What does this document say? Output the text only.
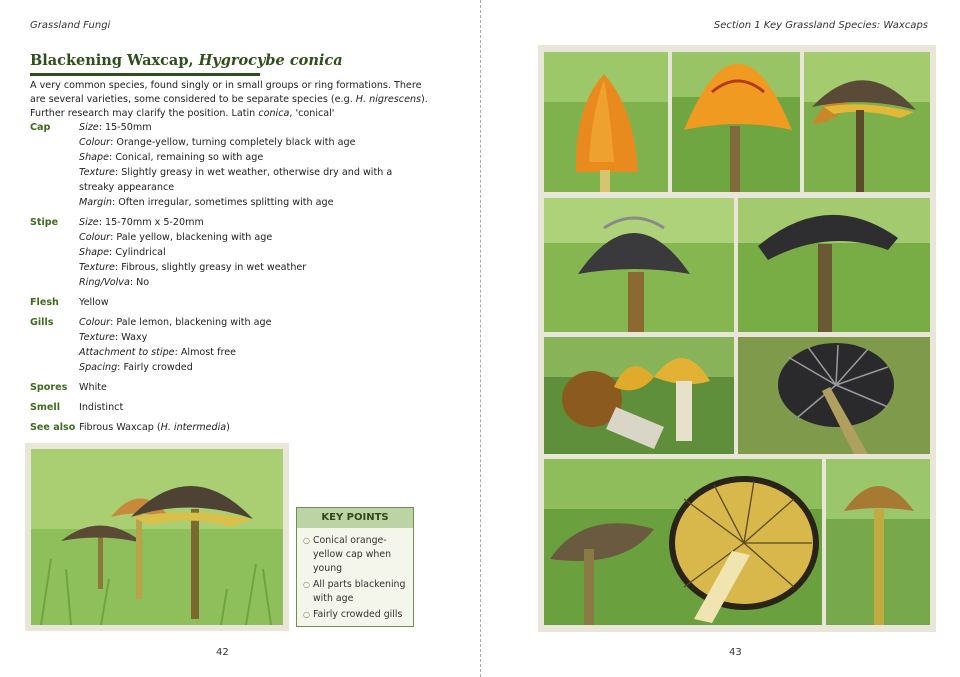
Grassland Fungi
Blackening Waxcap, Hygrocybe conica
A very common species, found singly or in small groups or ring formations. There are several varieties, some considered to be separate species (e.g. H. nigrescens). Further research may clarify the position. Latin conica, 'conical'
Cap	Size: 15-50mm
Colour: Orange-yellow, turning completely black with age
Shape: Conical, remaining so with age
Texture: Slightly greasy in wet weather, otherwise dry and with a streaky appearance
Margin: Often irregular, sometimes splitting with age
Stipe	Size: 15-70mm x 5-20mm
Colour: Pale yellow, blackening with age
Shape: Cylindrical
Texture: Fibrous, slightly greasy in wet weather
Ring/Volva: No
Flesh	Yellow
Gills	Colour: Pale lemon, blackening with age
Texture: Waxy
Attachment to stipe: Almost free
Spacing: Fairly crowded
Spores	White
Smell	Indistinct
See also Fibrous Waxcap (H. intermedia)
KEY POINTS
○ Conical orange-yellow cap when young
○ All parts blackening with age
○ Fairly crowded gills
42
Section 1 Key Grassland Species: Waxcaps
43
